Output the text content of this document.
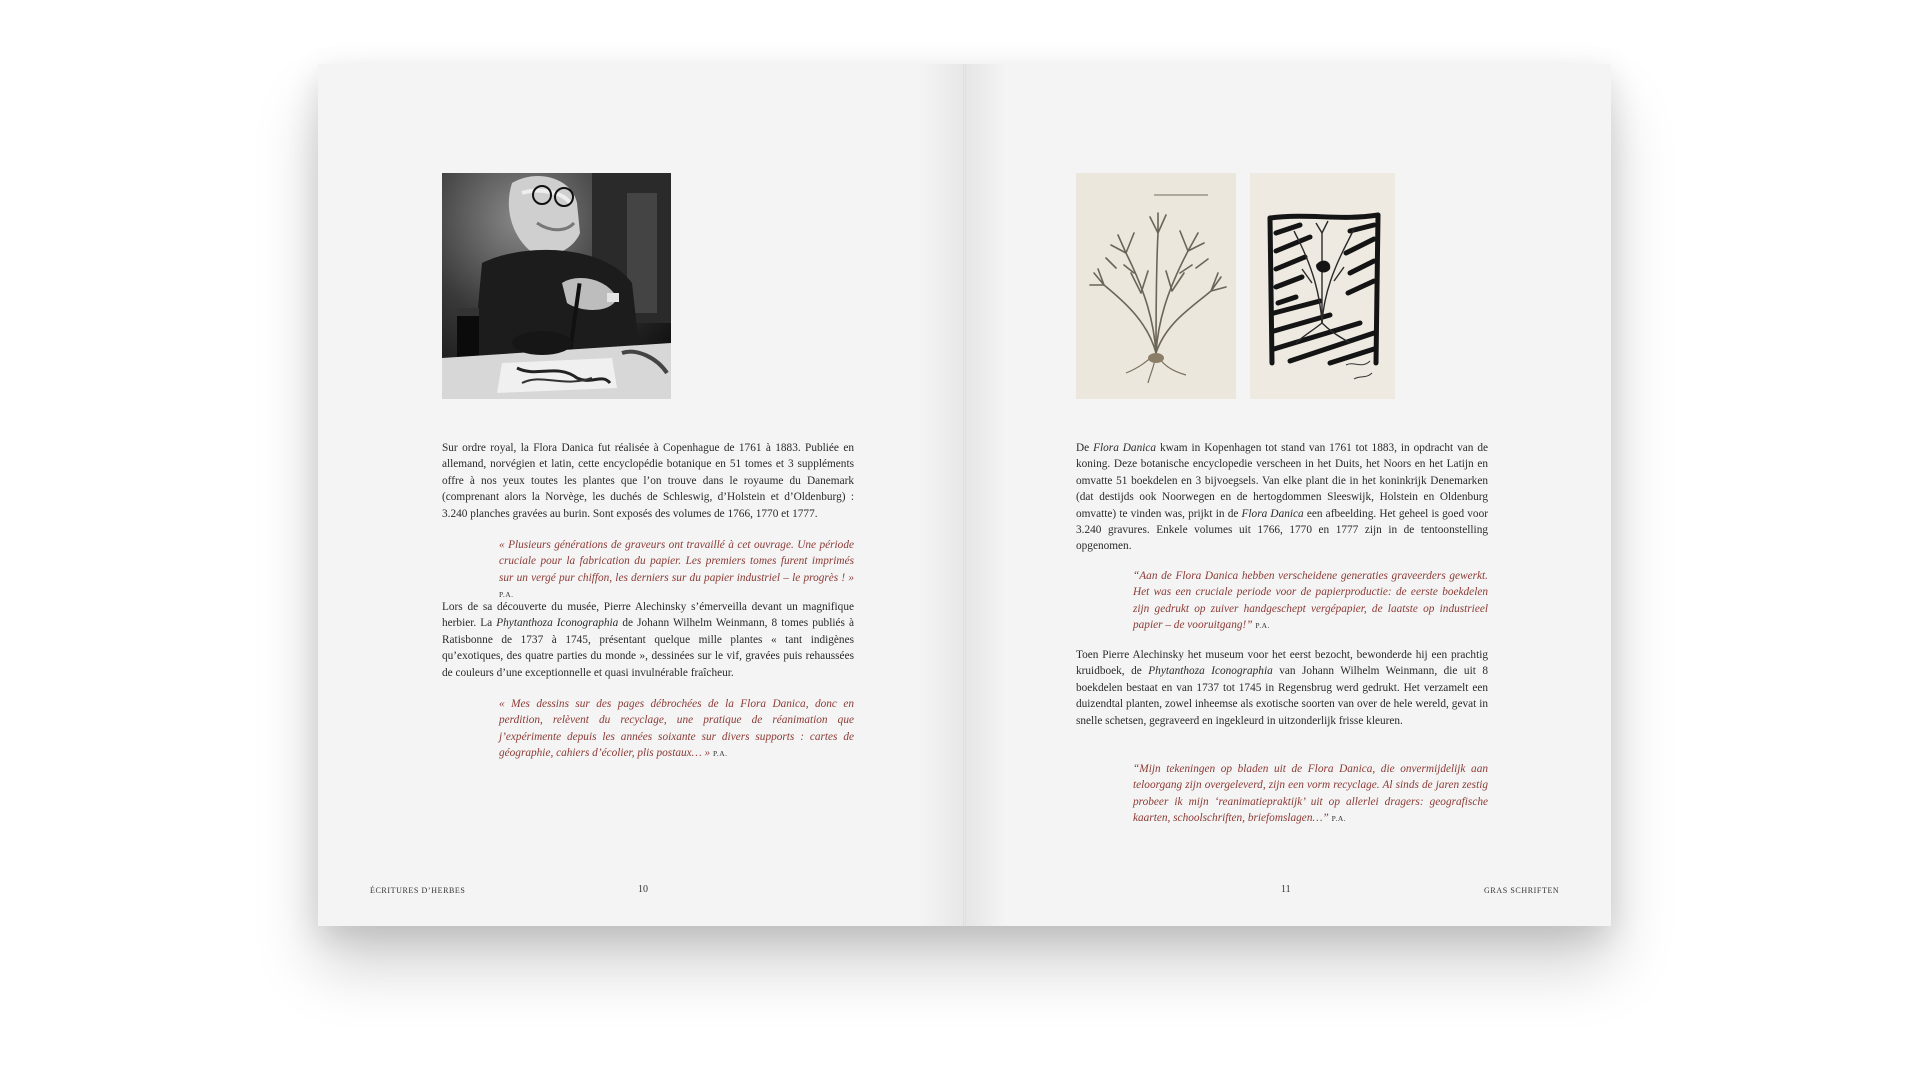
Sur ordre royal, la Flora Danica fut réalisée à Copenhague de 1761 à 1883. Publiée en allemand, norvégien et latin, cette encyclopédie botanique en 51 tomes et 3 suppléments offre à nos yeux toutes les plantes que l’on trouve dans le royaume du Danemark (comprenant alors la Norvège, les duchés de Schleswig, d’Holstein et d’Oldenburg) : 3.240 planches gravées au burin. Sont exposés des volumes de 1766, 1770 et 1777.

« Plusieurs générations de graveurs ont travaillé à cet ouvrage. Une période cruciale pour la fabrication du papier. Les premiers tomes furent imprimés sur un vergé pur chiffon, les derniers sur du papier industriel – le progrès ! » P.A.

Lors de sa découverte du musée, Pierre Alechinsky s’émerveilla devant un magnifique herbier. La Phytanthoza Iconographia de Johann Wilhelm Weinmann, 8 tomes publiés à Ratisbonne de 1737 à 1745, présentant quelque mille plantes « tant indigènes qu’exotiques, des quatre parties du monde », dessinées sur le vif, gravées puis rehaussées de couleurs d’une exceptionnelle et quasi invulnérable fraîcheur.

« Mes dessins sur des pages débrochées de la Flora Danica, donc en perdition, relèvent du recyclage, une pratique de réanimation que j’expérimente depuis les années soixante sur divers supports : cartes de géographie, cahiers d’écolier, plis postaux… » P.A.

ÉCRITURES D’HERBES	10

De Flora Danica kwam in Kopenhagen tot stand van 1761 tot 1883, in opdracht van de koning. Deze botanische encyclopedie verscheen in het Duits, het Noors en het Latijn en omvatte 51 boekdelen en 3 bijvoegsels. Van elke plant die in het koninkrijk Denemarken (dat destijds ook Noorwegen en de hertogdommen Sleeswijk, Holstein en Oldenburg omvatte) te vinden was, prijkt in de Flora Danica een afbeelding. Het geheel is goed voor 3.240 gravures. Enkele volumes uit 1766, 1770 en 1777 zijn in de tentoonstelling opgenomen.

“Aan de Flora Danica hebben verscheidene generaties graveerders gewerkt. Het was een cruciale periode voor de papierproductie: de eerste boekdelen zijn gedrukt op zuiver handgeschept vergépapier, de laatste op industrieel papier – de vooruitgang!” P.A.

Toen Pierre Alechinsky het museum voor het eerst bezocht, bewonderde hij een prachtig kruidboek, de Phytanthoza Iconographia van Johann Wilhelm Weinmann, die uit 8 boekdelen bestaat en van 1737 tot 1745 in Regensbrug werd gedrukt. Het verzamelt een duizendtal planten, zowel inheemse als exotische soorten van over de hele wereld, gevat in snelle schetsen, gegraveerd en ingekleurd in uitzonderlijk frisse kleuren.

“Mijn tekeningen op bladen uit de Flora Danica, die onvermijdelijk aan teloorgang zijn overgeleverd, zijn een vorm recyclage. Al sinds de jaren zestig probeer ik mijn ‘reanimatiepraktijk’ uit op allerlei dragers: geografische kaarten, schoolschriften, briefomslagen…” P.A.

11	GRAS SCHRIFTEN
